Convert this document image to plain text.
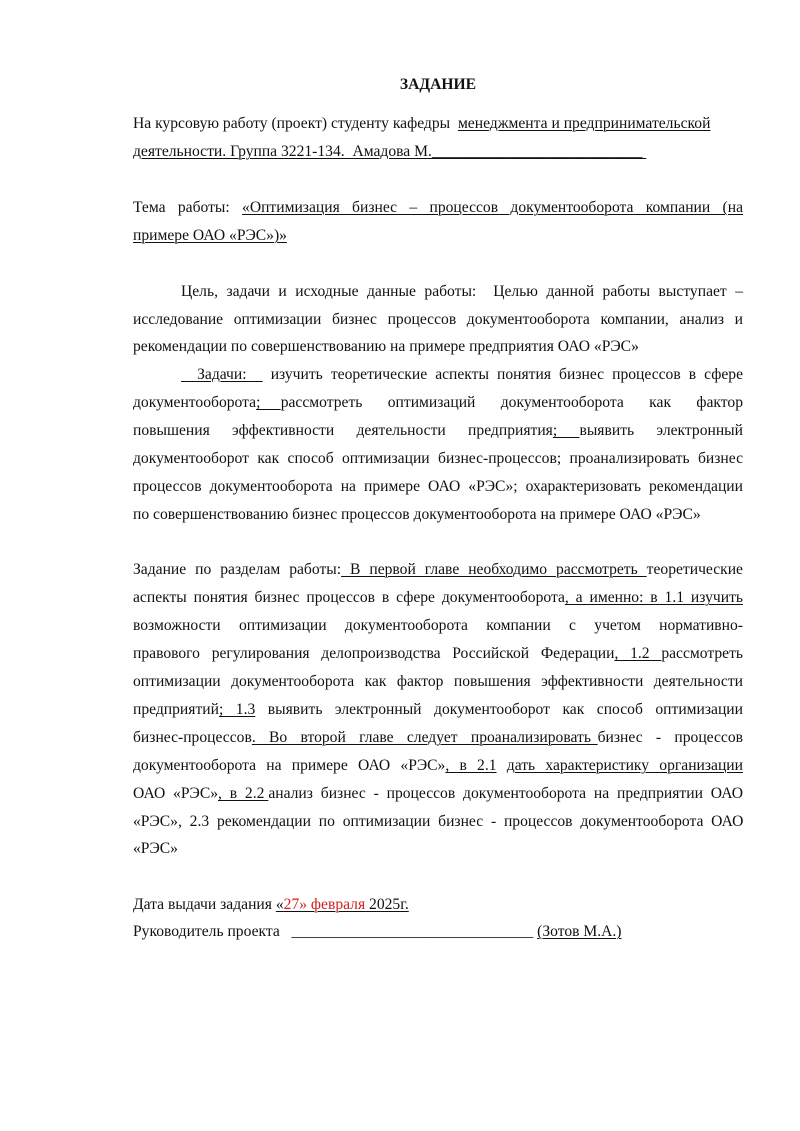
ЗАДАНИЕ
На курсовую работу (проект) студенту кафедры  менеджмента и предпринимательской
деятельности. Группа 3221-134.  Амадова М.___________________________
Тема  работы:  «Оптимизация  бизнес  –  процессов  документооборота  компании  (на
примере ОАО «РЭС»)»
Цель, задачи и исходные данные работы:  Целью данной работы выступает –
исследование оптимизации бизнес процессов документооборота компании, анализ и
рекомендации по совершенствованию на примере предприятия ОАО «РЭС»
Задачи:   изучить теоретические аспекты понятия бизнес процессов в сфере
документооборота;    рассмотреть     оптимизаций     документооборота     как     фактор
повышения     эффективности     деятельности     предприятия;     выявить     электронный
документооборот как способ оптимизации бизнес-процессов; проанализировать бизнес
процессов документооборота на примере ОАО «РЭС»; охарактеризовать рекомендации
по совершенствованию бизнес процессов документооборота на примере ОАО «РЭС»
Задание по разделам работы: В первой главе необходимо рассмотреть теоретические
аспекты понятия бизнес процессов в сфере документооборота, а именно: в 1.1 изучить
возможности   оптимизации   документооборота   компании   с   учетом   нормативно-
правового регулирования делопроизводства Российской Федерации, 1.2 рассмотреть
оптимизации документооборота как фактор повышения эффективности деятельности
предприятий; 1.3 выявить электронный документооборот как способ оптимизации
бизнес-процессов.  Во  второй  главе  следует  проанализировать бизнес  -  процессов
документооборота  на  примере  ОАО  «РЭС»,  в  2.1 дать  характеристику  организации
ОАО  «РЭС»,  в  2.2 анализ  бизнес  -  процессов  документооборота  на  предприятии  ОАО
«РЭС»,  2.3  рекомендации  по  оптимизации  бизнес  -  процессов  документооборота  ОАО
«РЭС»
Дата выдачи задания «27» февраля 2025г.
Руководитель проекта   _______________________________ (Зотов М.А.)
